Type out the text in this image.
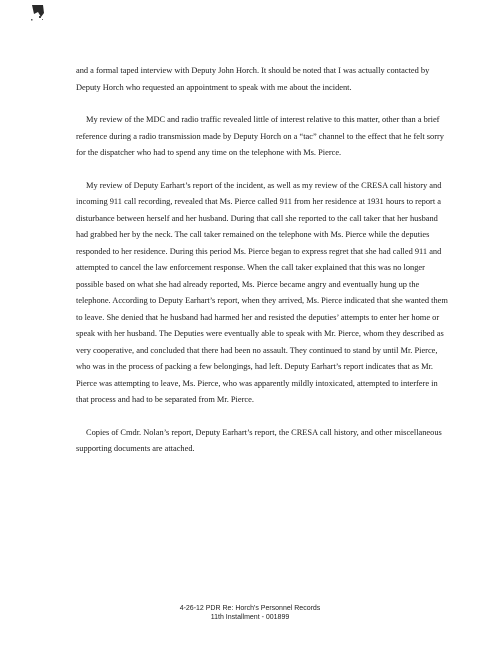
and a formal taped interview with Deputy John Horch. It should be noted that I was actually contacted by Deputy Horch who requested an appointment to speak with me about the incident.

My review of the MDC and radio traffic revealed little of interest relative to this matter, other than a brief reference during a radio transmission made by Deputy Horch on a “tac” channel to the effect that he felt sorry for the dispatcher who had to spend any time on the telephone with Ms. Pierce.

My review of Deputy Earhart’s report of the incident, as well as my review of the CRESA call history and incoming 911 call recording, revealed that Ms. Pierce called 911 from her residence at 1931 hours to report a disturbance between herself and her husband. During that call she reported to the call taker that her husband had grabbed her by the neck. The call taker remained on the telephone with Ms. Pierce while the deputies responded to her residence. During this period Ms. Pierce began to express regret that she had called 911 and attempted to cancel the law enforcement response. When the call taker explained that this was no longer possible based on what she had already reported, Ms. Pierce became angry and eventually hung up the telephone. According to Deputy Earhart’s report, when they arrived, Ms. Pierce indicated that she wanted them to leave. She denied that he husband had harmed her and resisted the deputies’ attempts to enter her home or speak with her husband. The Deputies were eventually able to speak with Mr. Pierce, whom they described as very cooperative, and concluded that there had been no assault. They continued to stand by until Mr. Pierce, who was in the process of packing a few belongings, had left. Deputy Earhart’s report indicates that as Mr. Pierce was attempting to leave, Ms. Pierce, who was apparently mildly intoxicated, attempted to interfere in that process and had to be separated from Mr. Pierce.

Copies of Cmdr. Nolan’s report, Deputy Earhart’s report, the CRESA call history, and other miscellaneous supporting documents are attached.

4-26-12 PDR Re: Horch's Personnel Records
11th Installment - 001899
